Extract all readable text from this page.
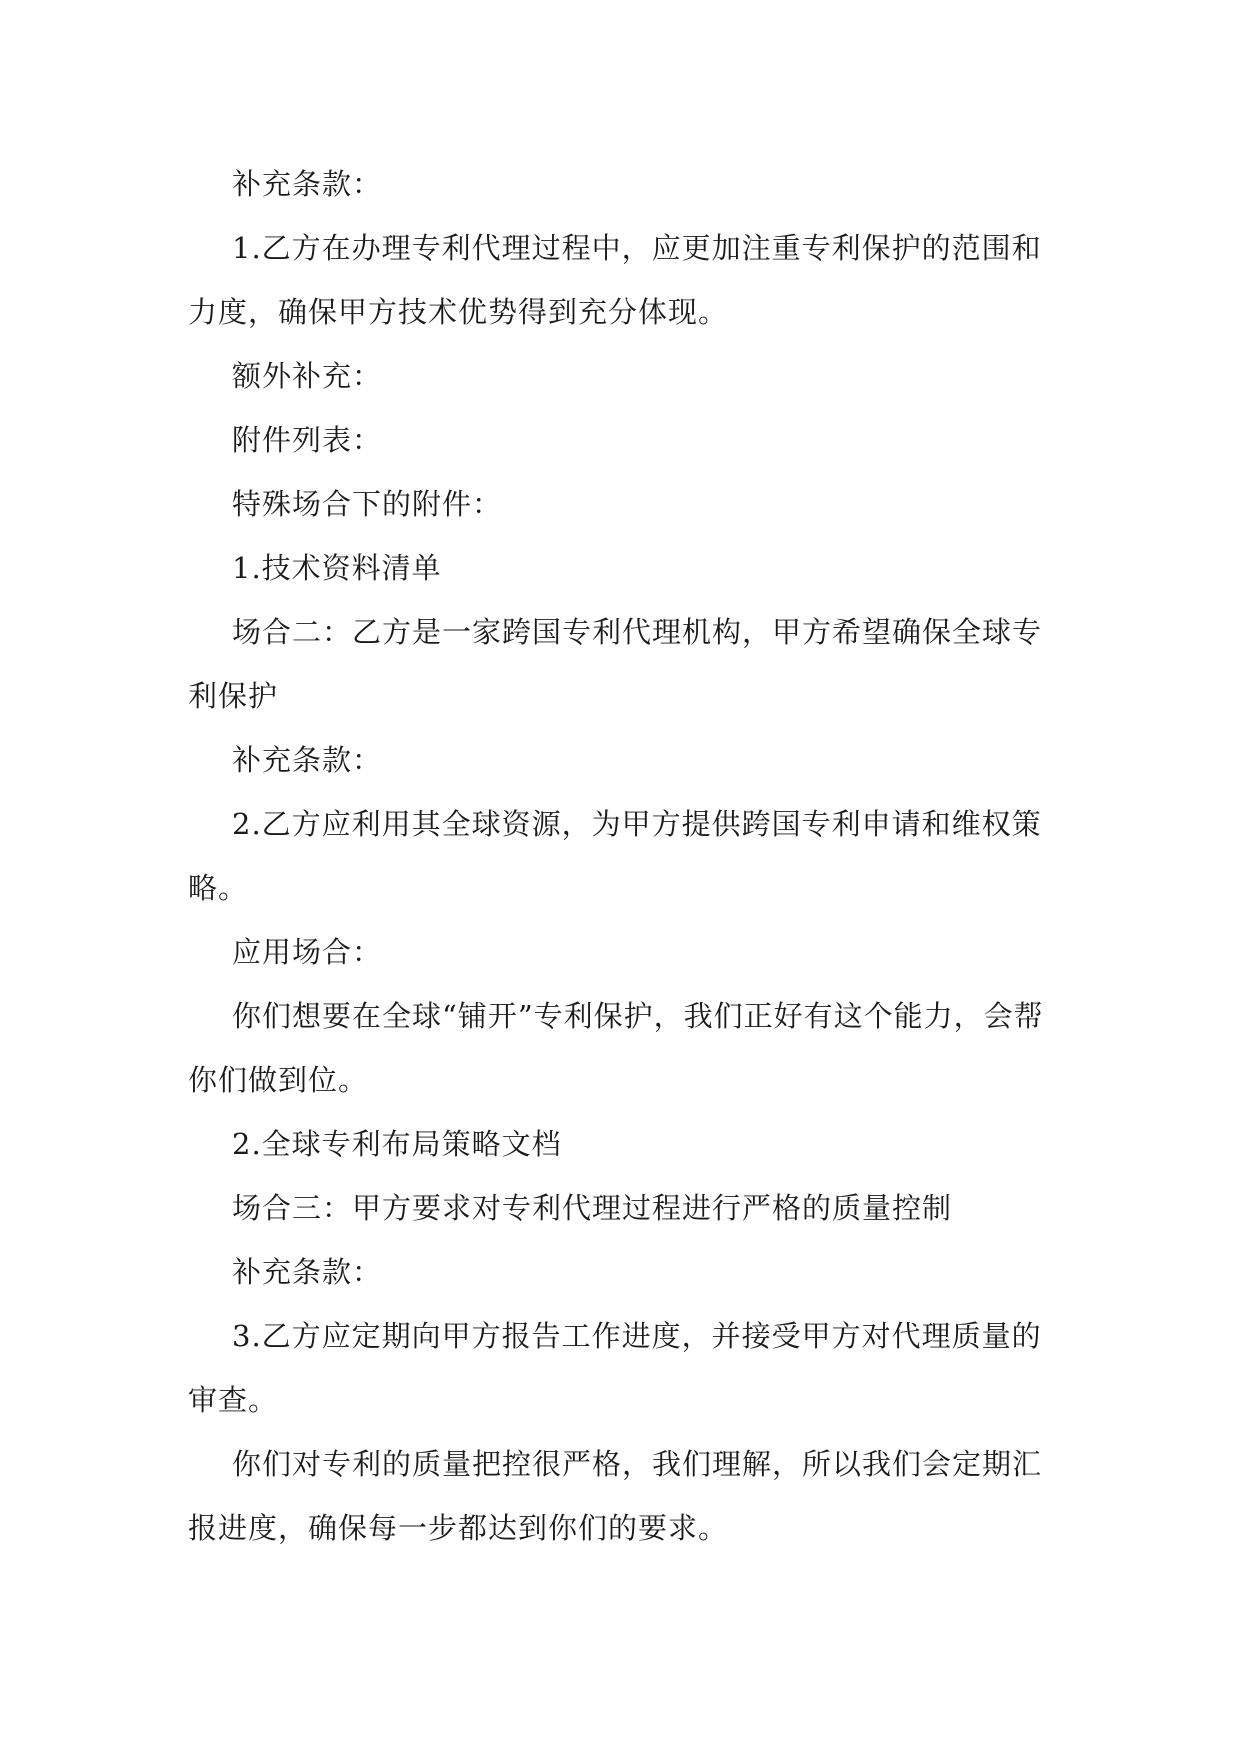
补充条款：

1.乙方在办理专利代理过程中，应更加注重专利保护的范围和力度，确保甲方技术优势得到充分体现。

额外补充：

附件列表：

特殊场合下的附件：

1.技术资料清单

场合二：乙方是一家跨国专利代理机构，甲方希望确保全球专利保护

补充条款：

2.乙方应利用其全球资源，为甲方提供跨国专利申请和维权策略。

应用场合：

你们想要在全球“铺开”专利保护，我们正好有这个能力，会帮你们做到位。

2.全球专利布局策略文档

场合三：甲方要求对专利代理过程进行严格的质量控制

补充条款：

3.乙方应定期向甲方报告工作进度，并接受甲方对代理质量的审查。

你们对专利的质量把控很严格，我们理解，所以我们会定期汇报进度，确保每一步都达到你们的要求。
